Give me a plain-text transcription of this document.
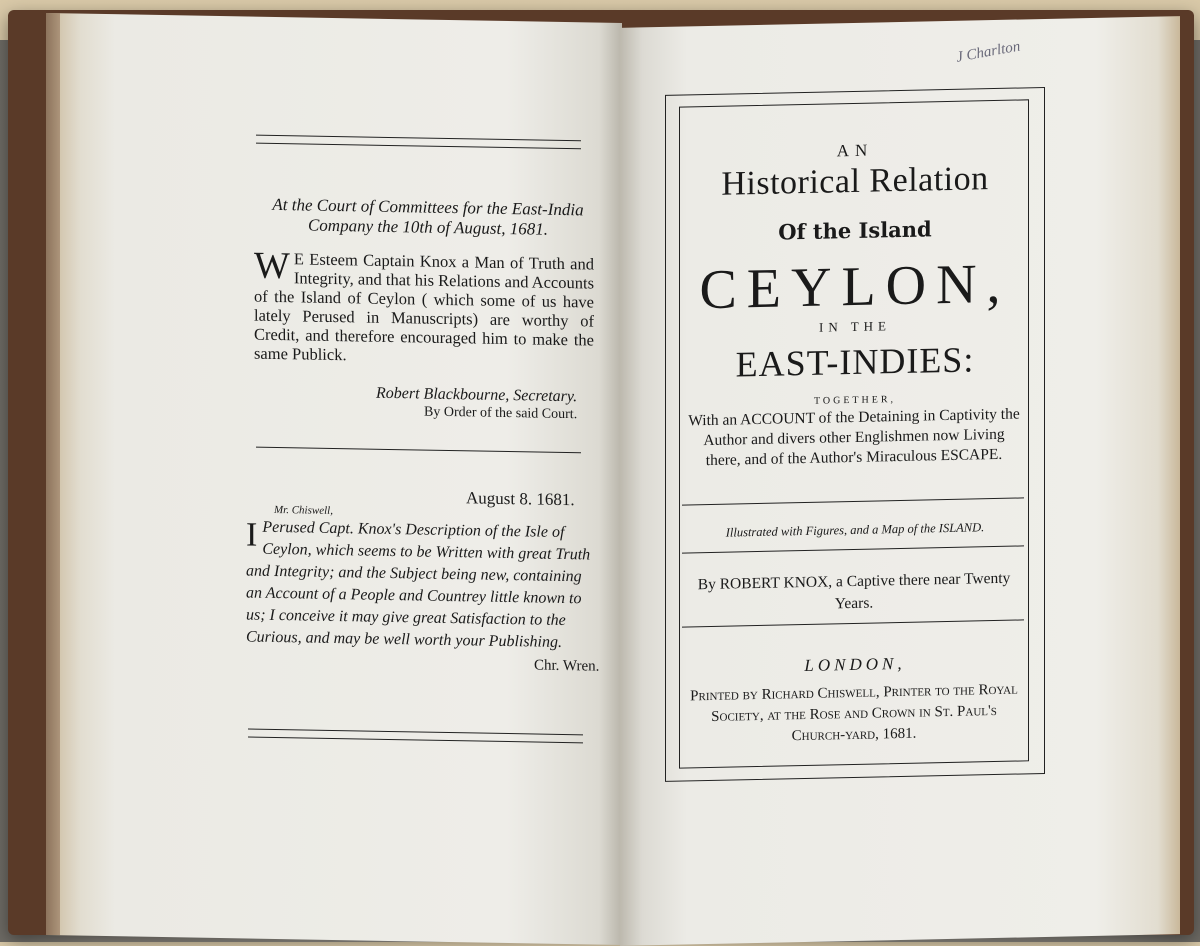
At the Court of Committees for the East-India Company the 10th of August, 1681.
W E Esteem Captain Knox a Man of Truth and Integrity, and that his Relations and Accounts of the Island of Ceylon ( which some of us have lately Perused in Manuscripts) are worthy of Credit, and therefore encouraged him to make the same Publick.
Robert Blackbourne, Secretary.
By Order of the said Court.
August 8. 1681.
Mr. Chiswell,
I Perused Capt. Knox's Description of the Isle of Ceylon, which seems to be Written with great Truth and Integrity; and the Subject being new, containing an Account of a People and Countrey little known to us; I conceive it may give great Satisfaction to the Curious, and may be well worth your Publishing.
Chr. Wren.
J Charlton
AN
Historical Relation
Of the Island
CEYLON,
IN THE
EAST-INDIES:
TOGETHER,
With an ACCOUNT of the Detaining in Captivity the Author and divers other Englishmen now Living there, and of the Author's Miraculous ESCAPE.
Illustrated with Figures, and a Map of the ISLAND.
By ROBERT KNOX, a Captive there near Twenty Years.
LONDON,
Printed by Richard Chiswell, Printer to the Royal Society, at the Rose and Crown in St. Paul's Church-yard, 1681.
